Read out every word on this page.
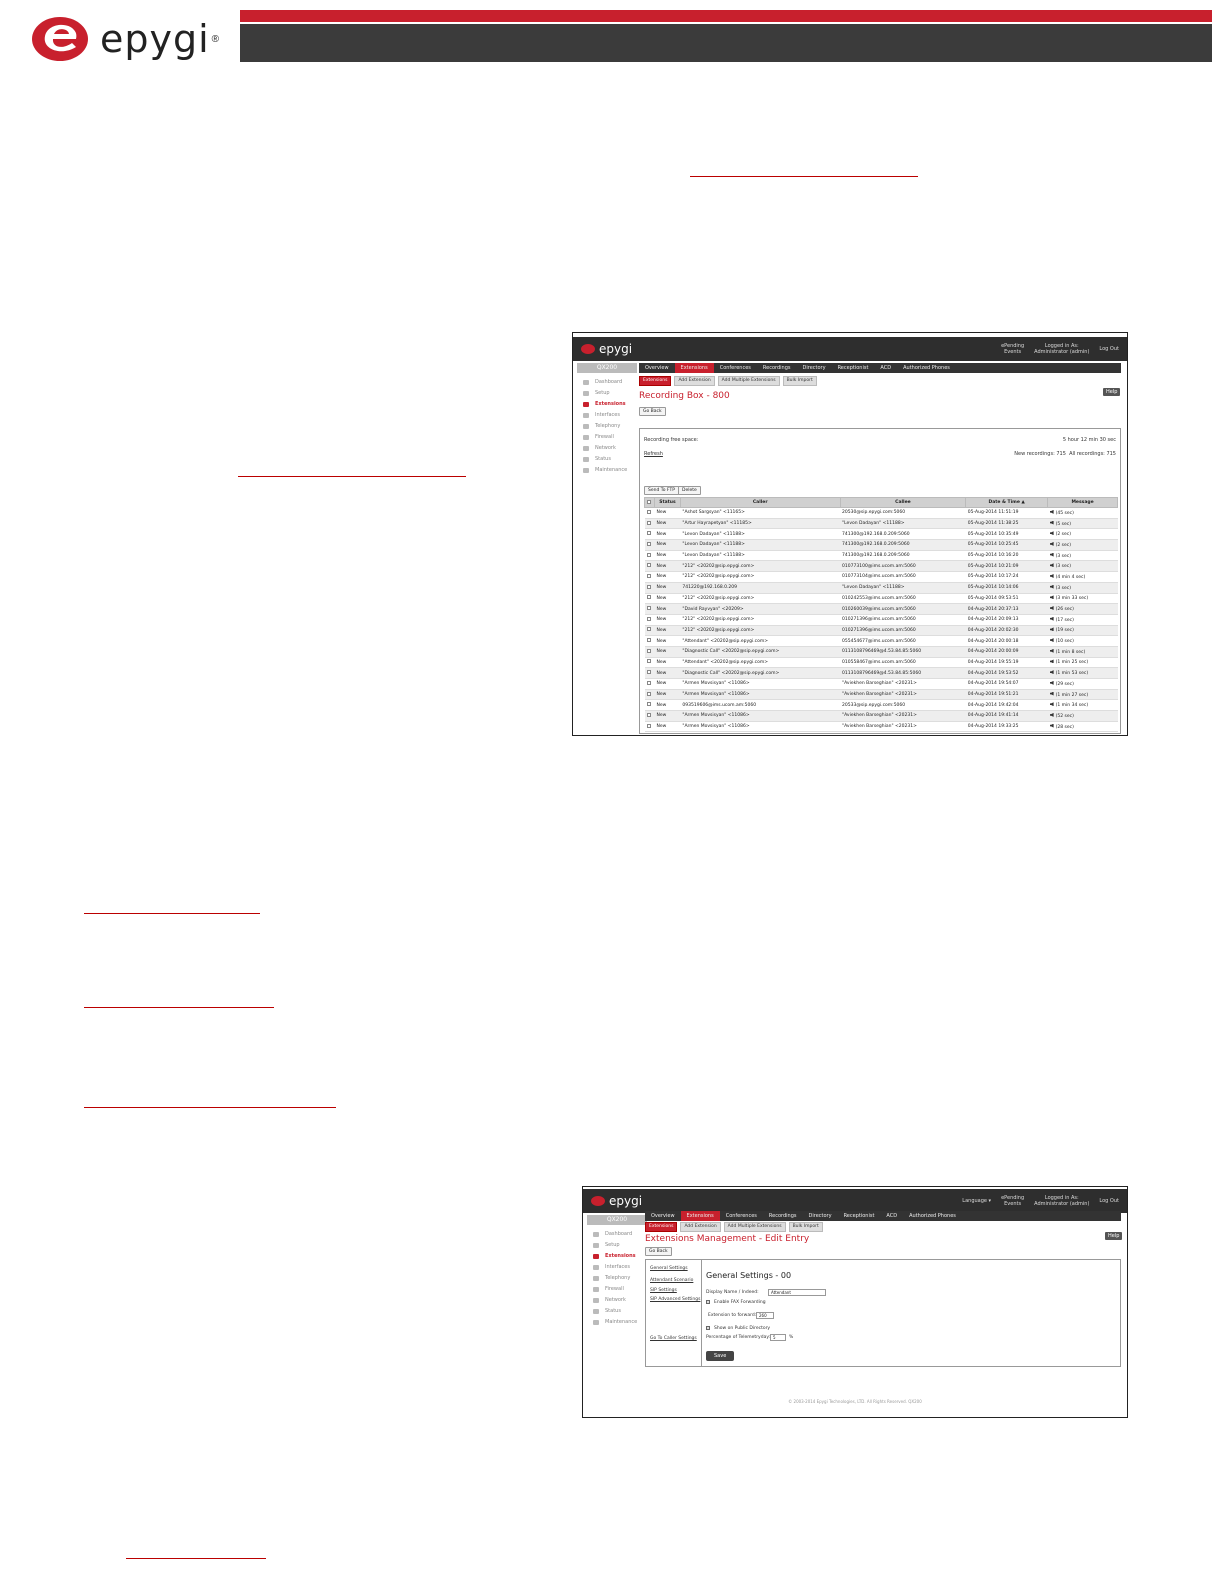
epygi ®
epygi	ePending
Events
Logged in As:
Administrator (admin) Log Out
QX200
Dashboard
Setup
Extensions
Interfaces
Telephony
Firewall
Network
Status
Maintenance
Overview	Extensions	Conferences	Recordings	Directory	Receptionist	ACD	Authorized Phones
Extensions	Add Extension	Add Multiple Extensions	Bulk Import
Help
Recording Box - 800
Go Back
Recording free space:	5 hour 12 min 30 sec
Refresh	New recordings: 715 All recordings: 715
Send To FTP	Delete
	Status	Caller	Callee	Date & Time ▲	Message
	New	"Ashot Sargsyan" <11165>	20530@sip.epygi.com:5060	05-Aug-2014 11:51:19	(45 sec)
	New	"Artur Hayrapetyan" <11185>	"Levon Dadayan" <11188>	05-Aug-2014 11:38:25	(5 sec)
	New	"Levon Dadayan" <11188>	741300@192.168.0.209:5060	05-Aug-2014 10:35:49	(2 sec)
	New	"Levon Dadayan" <11188>	741300@192.168.0.209:5060	05-Aug-2014 10:25:45	(2 sec)
	New	"Levon Dadayan" <11188>	741300@192.168.0.209:5060	05-Aug-2014 10:16:20	(3 sec)
	New	"212" <20202@sip.epygi.com>	010773100@ims.ucom.am:5060	05-Aug-2014 10:21:09	(3 sec)
	New	"212" <20202@sip.epygi.com>	010773104@ims.ucom.am:5060	05-Aug-2014 10:17:24	(4 min 4 sec)
	New	741220@192.168.0.209	"Levon Dadayan" <11188>	05-Aug-2014 10:14:06	(3 sec)
	New	"212" <20202@sip.epygi.com>	010242553@ims.ucom.am:5060	05-Aug-2014 09:53:51	(3 min 33 sec)
	New	"David Rayvyan" <20209>	010260039@ims.ucom.am:5060	04-Aug-2014 20:37:13	(26 sec)
	New	"212" <20202@sip.epygi.com>	010271396@ims.ucom.am:5060	04-Aug-2014 20:09:13	(17 sec)
	New	"212" <20202@sip.epygi.com>	010271396@ims.ucom.am:5060	04-Aug-2014 20:02:30	(19 sec)
	New	"Attendant" <20202@sip.epygi.com>	055454677@ims.ucom.am:5060	04-Aug-2014 20:00:18	(10 sec)
	New	"Diagnostic Call" <20202@sip.epygi.com>	0113108796469@4.53.84.85:5060	04-Aug-2014 20:00:09	(1 min 8 sec)
	New	"Attendant" <20202@sip.epygi.com>	010558467@ims.ucom.am:5060	04-Aug-2014 19:55:19	(1 min 25 sec)
	New	"Diagnostic Call" <20202@sip.epygi.com>	0113108796469@4.53.84.85:5060	04-Aug-2014 19:53:52	(1 min 53 sec)
	New	"Armen Movsisyan" <11086>	"Aviekhen Barseghian" <20231>	04-Aug-2014 19:54:07	(29 sec)
	New	"Armen Movsisyan" <11086>	"Aviekhen Barseghian" <20231>	04-Aug-2014 19:51:21	(1 min 27 sec)
	New	093519606@ims.ucom.am:5060	20533@sip.epygi.com:5060	04-Aug-2014 19:42:04	(1 min 34 sec)
	New	"Armen Movsisyan" <11086>	"Aviekhen Barseghian" <20231>	04-Aug-2014 19:41:14	(52 sec)
	New	"Armen Movsisyan" <11086>	"Aviekhen Barseghian" <20231>	04-Aug-2014 19:33:25	(28 sec)
epygi	Language ▾ ePending
Events
Logged in As:
Administrator (admin) Log Out
QX200
Dashboard
Setup
Extensions
Interfaces
Telephony
Firewall
Network
Status
Maintenance
Overview	Extensions	Conferences	Recordings	Directory	Receptionist	ACD	Authorized Phones
Extensions	Add Extension	Add Multiple Extensions	Bulk Import
Help
Extensions Management - Edit Entry
Go Back
General Settings
Attendant Scenario
SIP Settings
SIP Advanced Settings
Go To Caller Settings
General Settings - 00
Display Name / Indeed:	Attendant
Enable FAX Forwarding
Extension to forward: 260
Show on Public Directory
Percentage of Telemetryday: 5	%
Save
© 2003-2014 Epygi Technologies, LTD. All Rights Reserved. QX200
